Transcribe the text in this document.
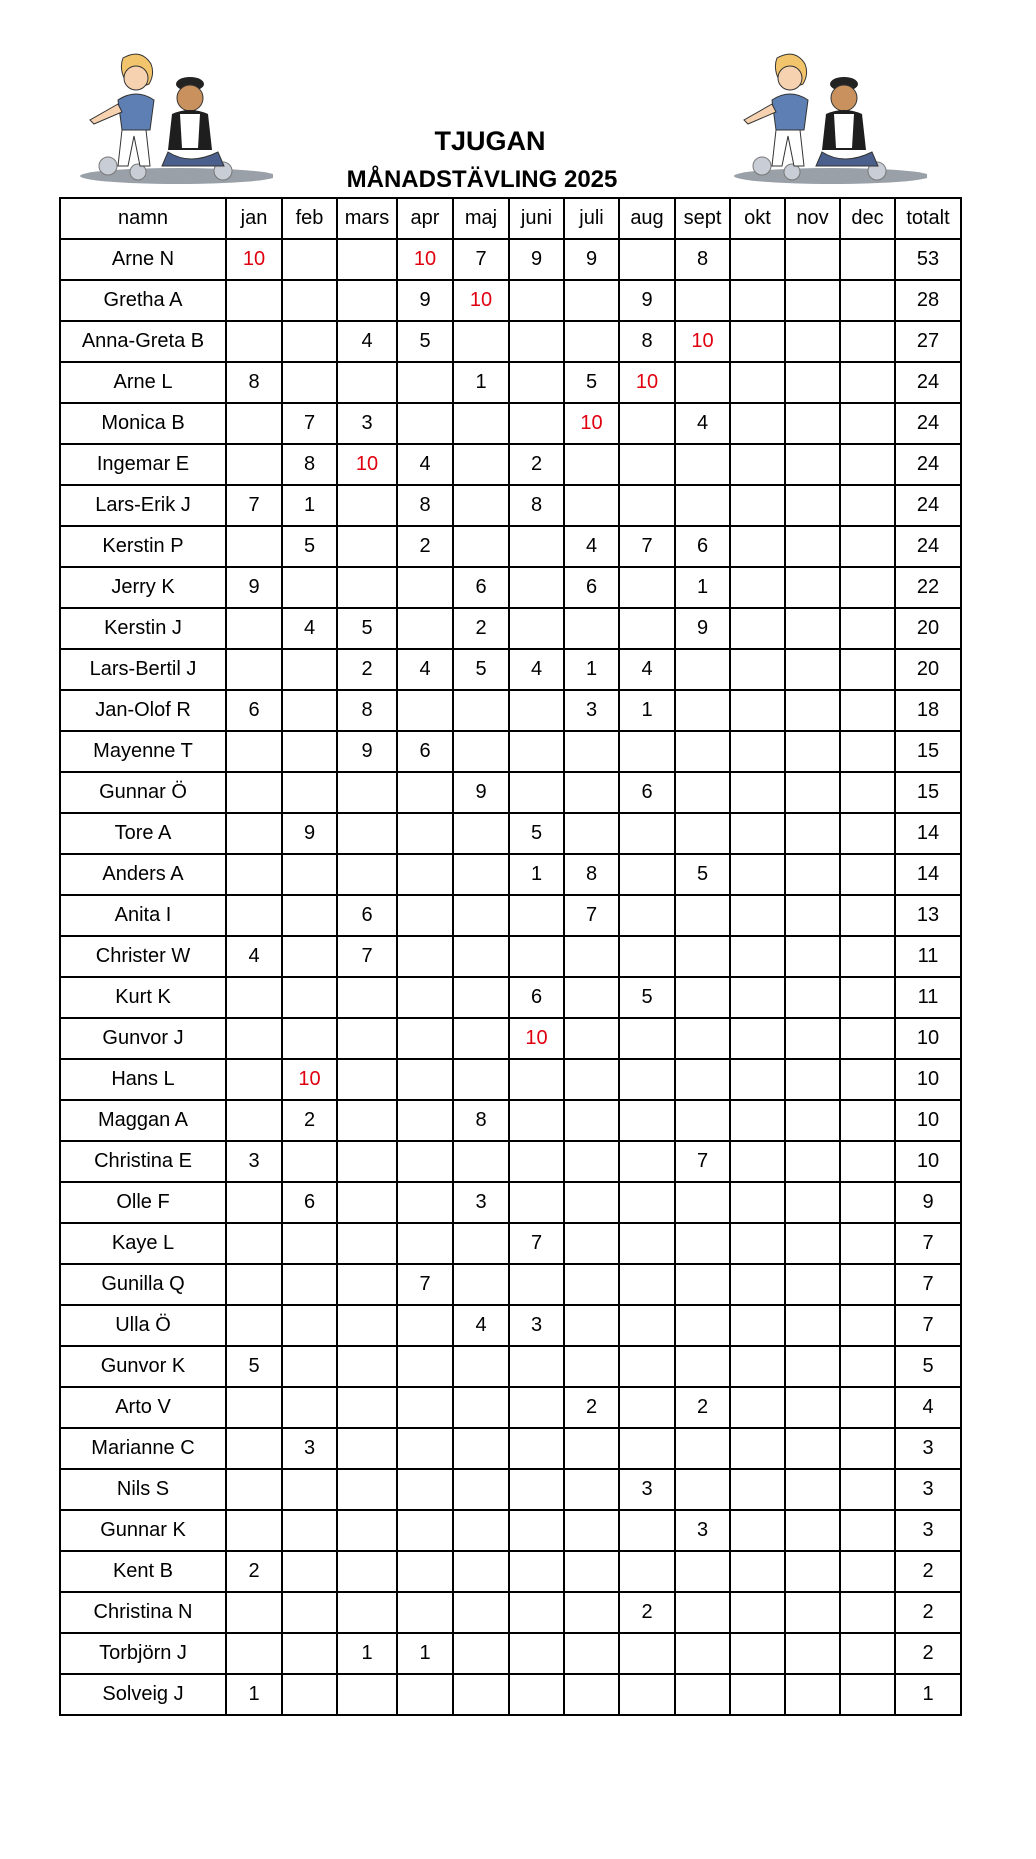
TJUGAN
MÅNADSTÄVLING 2025
namn	jan	feb	mars	apr	maj	juni	juli	aug	sept	okt	nov	dec	totalt
Arne N	10			10	7	9	9		8				53
Gretha A				9	10			9					28
Anna-Greta B			4	5				8	10				27
Arne L	8				1		5	10					24
Monica B		7	3				10		4				24
Ingemar E		8	10	4		2							24
Lars-Erik J	7	1		8		8							24
Kerstin P		5		2			4	7	6				24
Jerry K	9				6		6		1				22
Kerstin J		4	5		2				9				20
Lars-Bertil J			2	4	5	4	1	4					20
Jan-Olof R	6		8				3	1					18
Mayenne T			9	6									15
Gunnar Ö					9			6					15
Tore A		9				5							14
Anders A						1	8		5				14
Anita I			6				7						13
Christer W	4		7										11
Kurt K						6		5					11
Gunvor J						10							10
Hans L		10											10
Maggan A		2			8								10
Christina E	3								7				10
Olle F		6			3								9
Kaye L						7							7
Gunilla Q				7									7
Ulla Ö					4	3							7
Gunvor K	5												5
Arto V							2		2				4
Marianne C		3											3
Nils S								3					3
Gunnar K									3				3
Kent B	2												2
Christina N								2					2
Torbjörn J			1	1									2
Solveig J	1												1
